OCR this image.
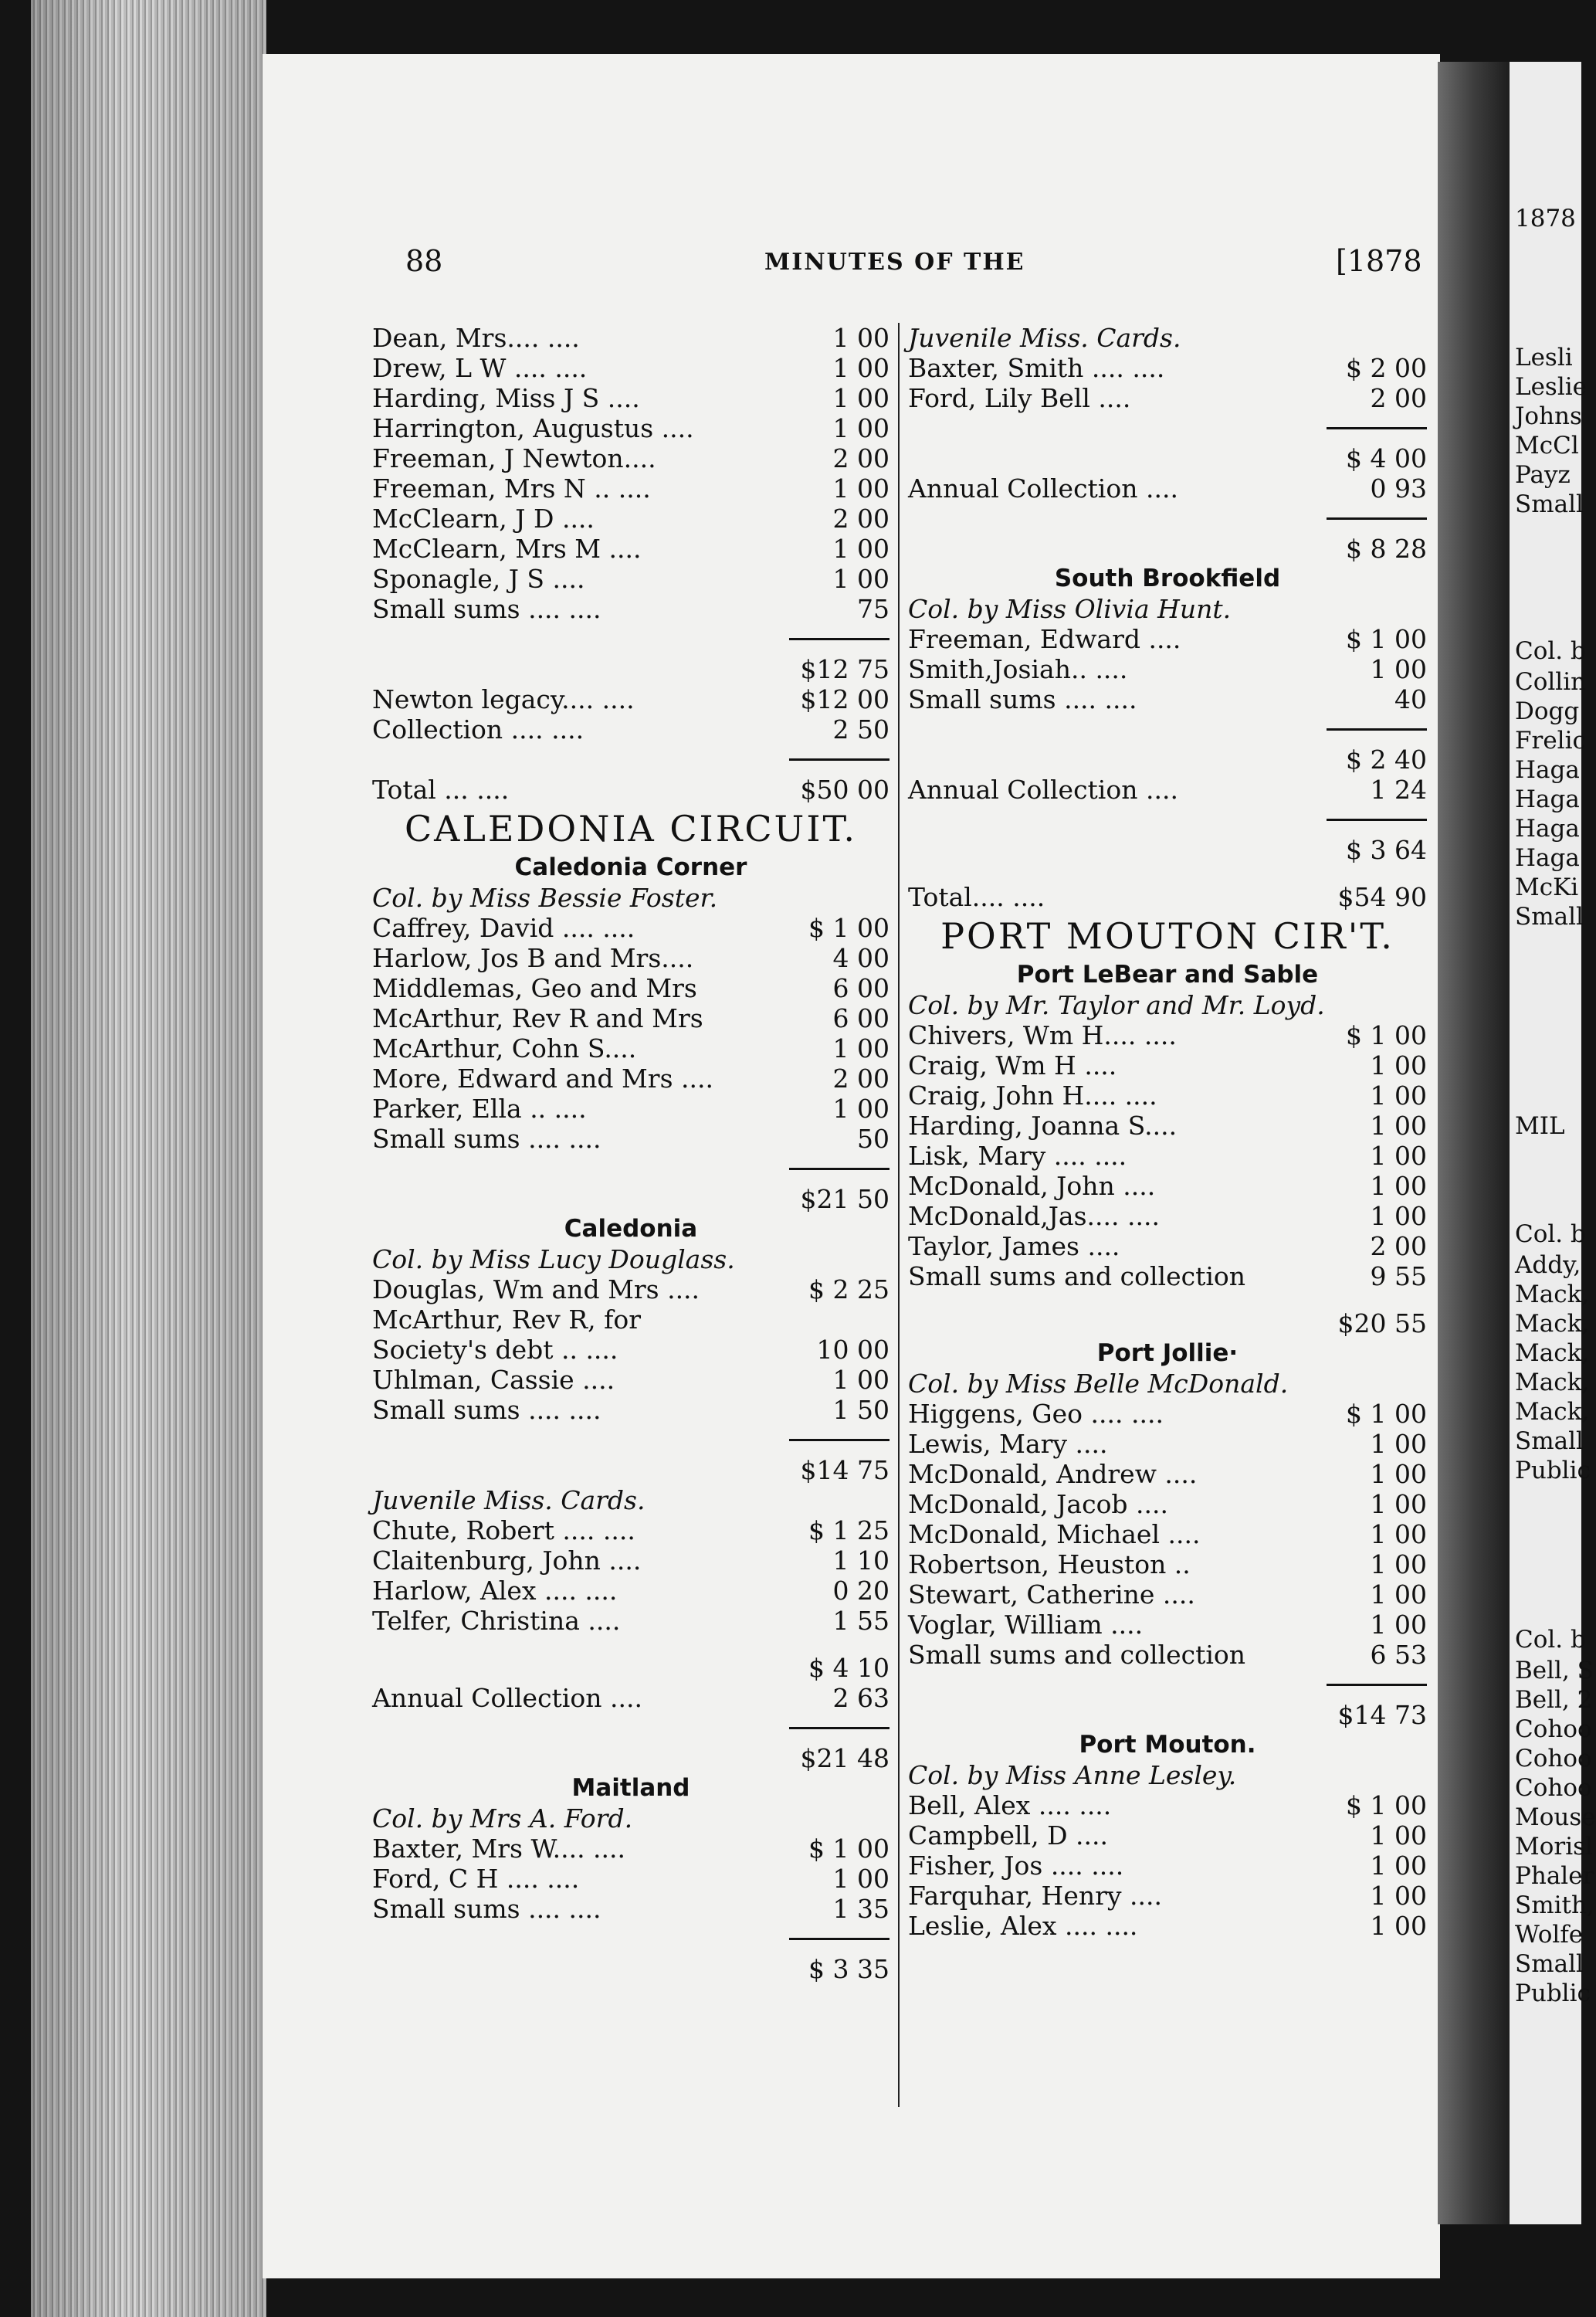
88	MINUTES OF THE	[1878
Dean, Mrs.... ....	1 00
Drew, L W .... ....	1 00
Harding, Miss J S ....	1 00
Harrington, Augustus ....	1 00
Freeman, J Newton....	2 00
Freeman, Mrs N .. ....	1 00
McClearn, J D ....	2 00
McClearn, Mrs M ....	1 00
Sponagle, J S ....	1 00
Small sums .... ....	75
$12 75
Newton legacy.... ....	$12 00
Collection .... ....	2 50
Total ... ....	$50 00
CALEDONIA CIRCUIT.
Caledonia Corner
Col. by Miss Bessie Foster.
Caffrey, David .... ....	$ 1 00
Harlow, Jos B and Mrs....	4 00
Middlemas, Geo and Mrs	6 00
McArthur, Rev R and Mrs	6 00
McArthur, Cohn S....	1 00
More, Edward and Mrs ....	2 00
Parker, Ella .. ....	1 00
Small sums .... ....	50
$21 50
Caledonia
Col. by Miss Lucy Douglass.
Douglas, Wm and Mrs ....	$ 2 25
McArthur, Rev R, for
Society's debt .. ....	10 00
Uhlman, Cassie ....	1 00
Small sums .... ....	1 50
$14 75
Juvenile Miss. Cards.
Chute, Robert .... ....	$ 1 25
Claitenburg, John ....	1 10
Harlow, Alex .... ....	0 20
Telfer, Christina ....	1 55
$ 4 10
Annual Collection ....	2 63
$21 48
Maitland
Col. by Mrs A. Ford.
Baxter, Mrs W.... ....	$ 1 00
Ford, C H .... ....	1 00
Small sums .... ....	1 35
$ 3 35
Juvenile Miss. Cards.
Baxter, Smith .... ....	$ 2 00
Ford, Lily Bell ....	2 00
$ 4 00
Annual Collection ....	0 93
$ 8 28
South Brookfield
Col. by Miss Olivia Hunt.
Freeman, Edward ....	$ 1 00
Smith,Josiah.. ....	1 00
Small sums .... ....	40
$ 2 40
Annual Collection ....	1 24
$ 3 64
Total.... ....	$54 90
PORT MOUTON CIR'T.
Port LeBear and Sable
Col. by Mr. Taylor and Mr. Loyd.
Chivers, Wm H.... ....	$ 1 00
Craig, Wm H ....	1 00
Craig, John H.... ....	1 00
Harding, Joanna S....	1 00
Lisk, Mary .... ....	1 00
McDonald, John ....	1 00
McDonald,Jas.... ....	1 00
Taylor, James ....	2 00
Small sums and collection	9 55
$20 55
Port Jollie·
Col. by Miss Belle McDonald.
Higgens, Geo .... ....	$ 1 00
Lewis, Mary ....	1 00
McDonald, Andrew ....	1 00
McDonald, Jacob ....	1 00
McDonald, Michael ....	1 00
Robertson, Heuston ..	1 00
Stewart, Catherine ....	1 00
Voglar, William ....	1 00
Small sums and collection	6 53
$14 73
Port Mouton.
Col. by Miss Anne Lesley.
Bell, Alex .... ....	$ 1 00
Campbell, D ....	1 00
Fisher, Jos .... ....	1 00
Farquhar, Henry ....	1 00
Leslie, Alex .... ....	1 00
1878
Lesli
Leslie
Johns
McCl
Payz
Small
Col. b
Collin
Dogg
Frelic
Haga
Haga
Haga
Haga
McKi
Small
MIL
Col. b
Addy,
Mack,
Mack,
Mack,
Mack,
Mack,
Small
Public
Col. b
Bell, S
Bell, 2
Cohoo
Cohoo
Cohoo
Mouse
Morisl
Phaler
Smith,
Wolfe
Small
Public
